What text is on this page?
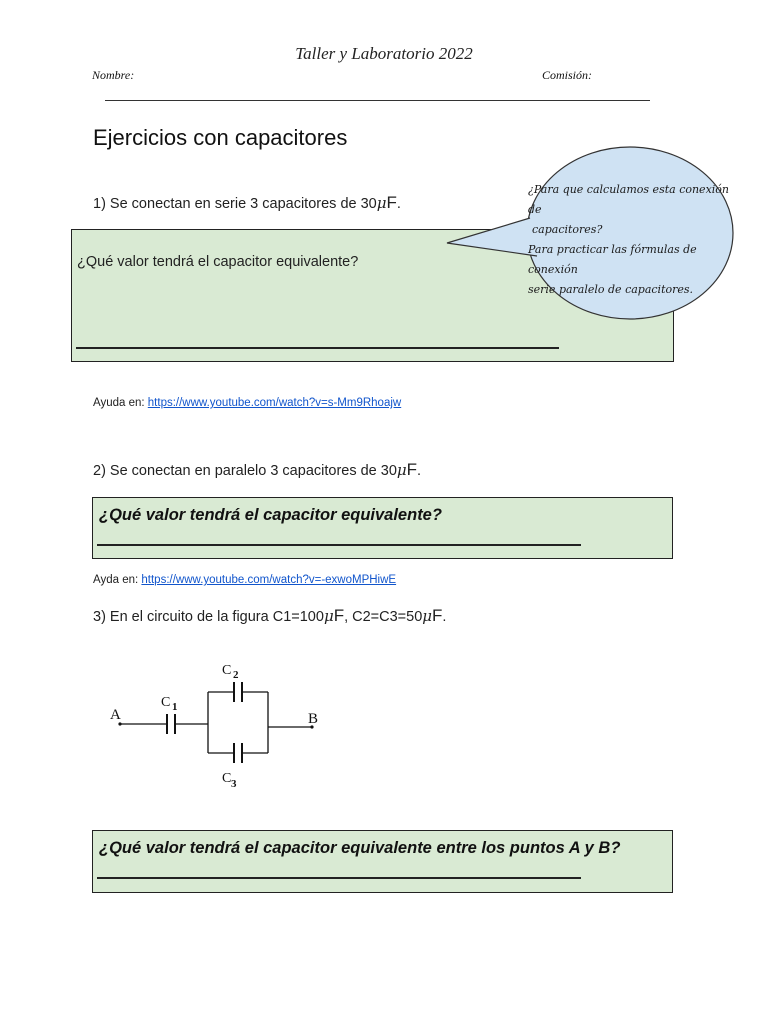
Taller y Laboratorio 2022
Nombre:	Comisión:
Ejercicios con capacitores
1) Se conectan en serie 3 capacitores de 30μF.
¿Qué valor tendrá el capacitor equivalente?
¿Para que calculamos esta conexión de
capacitores?
Para practicar las fórmulas de conexión
serie paralelo de capacitores.
Ayuda en: https://www.youtube.com/watch?v=s-Mm9Rhoajw
2) Se conectan en paralelo 3 capacitores de 30μF.
¿Qué valor tendrá el capacitor equivalente?
Ayda en: https://www.youtube.com/watch?v=-exwoMPHiwE
3) En el circuito de la figura C1=100μF, C2=C3=50μF.
A	B
C 1
C 2
C 3
¿Qué valor tendrá el capacitor equivalente entre los puntos A y B?
